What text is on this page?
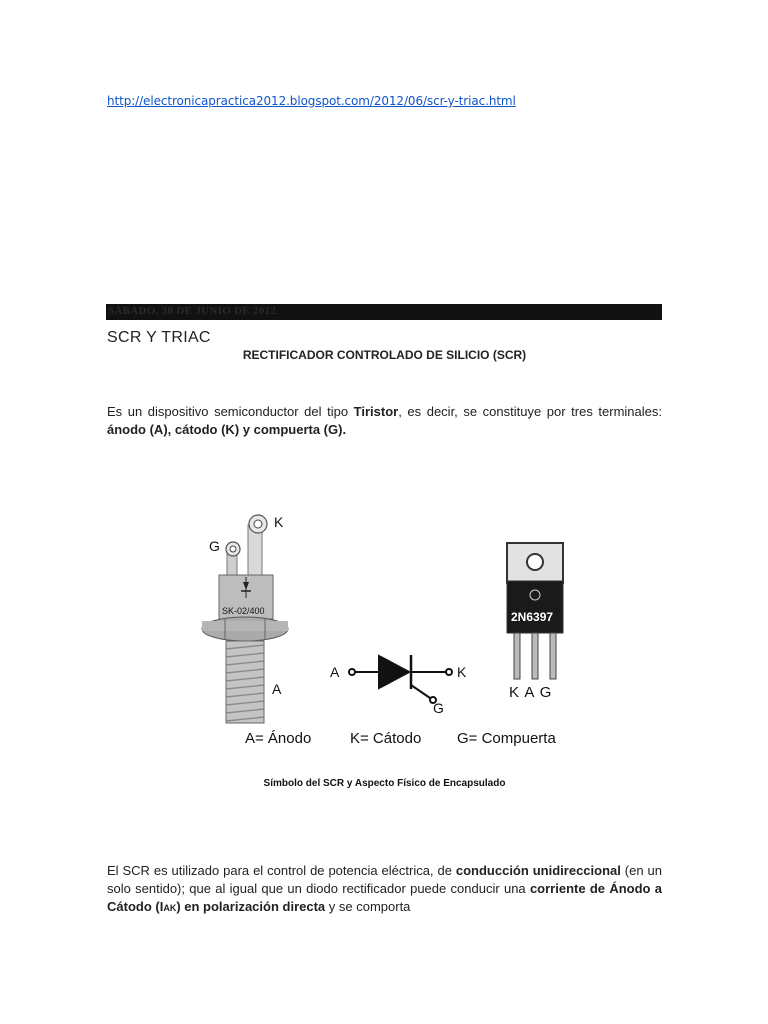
http://electronicapractica2012.blogspot.com/2012/06/scr-y-triac.html
SÁBADO, 30 DE JUNIO DE 2012
SCR Y TRIAC
RECTIFICADOR CONTROLADO DE SILICIO (SCR)

Es un dispositivo semiconductor del tipo Tiristor, es decir, se constituye por tres terminales: ánodo (A), cátodo (K) y compuerta (G).

K
G
A
SK-02/400
A	K
G
2N6397
K A G
A= Ánodo	K= Cátodo G= Compuerta
Símbolo del SCR y Aspecto Físico de Encapsulado

El SCR es utilizado para el control de potencia eléctrica, de conducción unidireccional (en un solo sentido); que al igual que un diodo rectificador puede conducir una corriente de Ánodo a Cátodo (IAK) en polarización directa y se comporta
